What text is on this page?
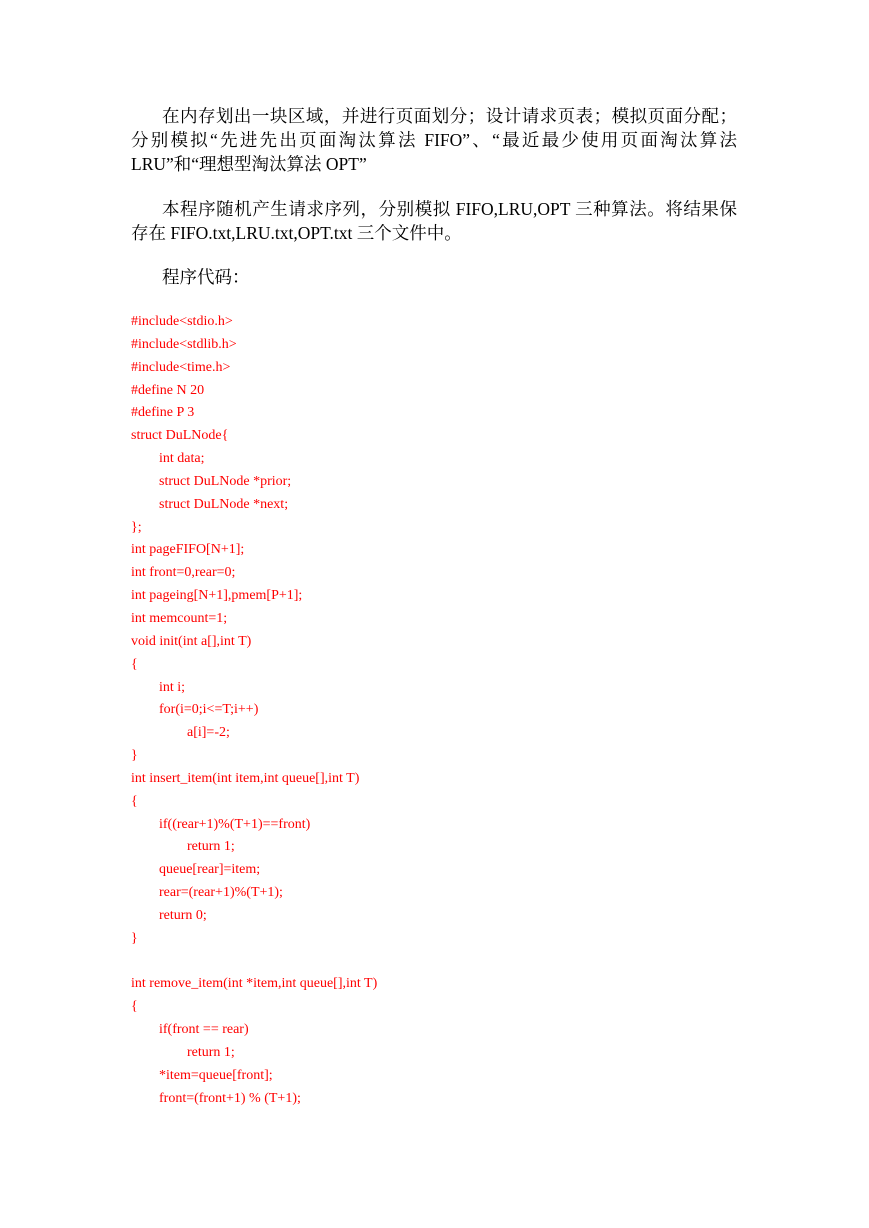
在内存划出一块区域，并进行页面划分；设计请求页表；模拟页面分配；分别模拟“先进先出页面淘汰算法 FIFO”、“最近最少使用页面淘汰算法 LRU”和“理想型淘汰算法 OPT”

本程序随机产生请求序列，分别模拟 FIFO,LRU,OPT 三种算法。将结果保存在 FIFO.txt,LRU.txt,OPT.txt 三个文件中。

程序代码：

#include<stdio.h>
#include<stdlib.h>
#include<time.h>
#define N 20
#define P 3
struct DuLNode{
int data;
struct DuLNode *prior;
struct DuLNode *next;
};
int pageFIFO[N+1];
int front=0,rear=0;
int pageing[N+1],pmem[P+1];
int memcount=1;
void init(int a[],int T)
{
int i;
for(i=0;i<=T;i++)
a[i]=-2;
}
int insert_item(int item,int queue[],int T)
{
if((rear+1)%(T+1)==front)
return 1;
queue[rear]=item;
rear=(rear+1)%(T+1);
return 0;
}
int remove_item(int *item,int queue[],int T)
{
if(front == rear)
return 1;
*item=queue[front];
front=(front+1) % (T+1);
